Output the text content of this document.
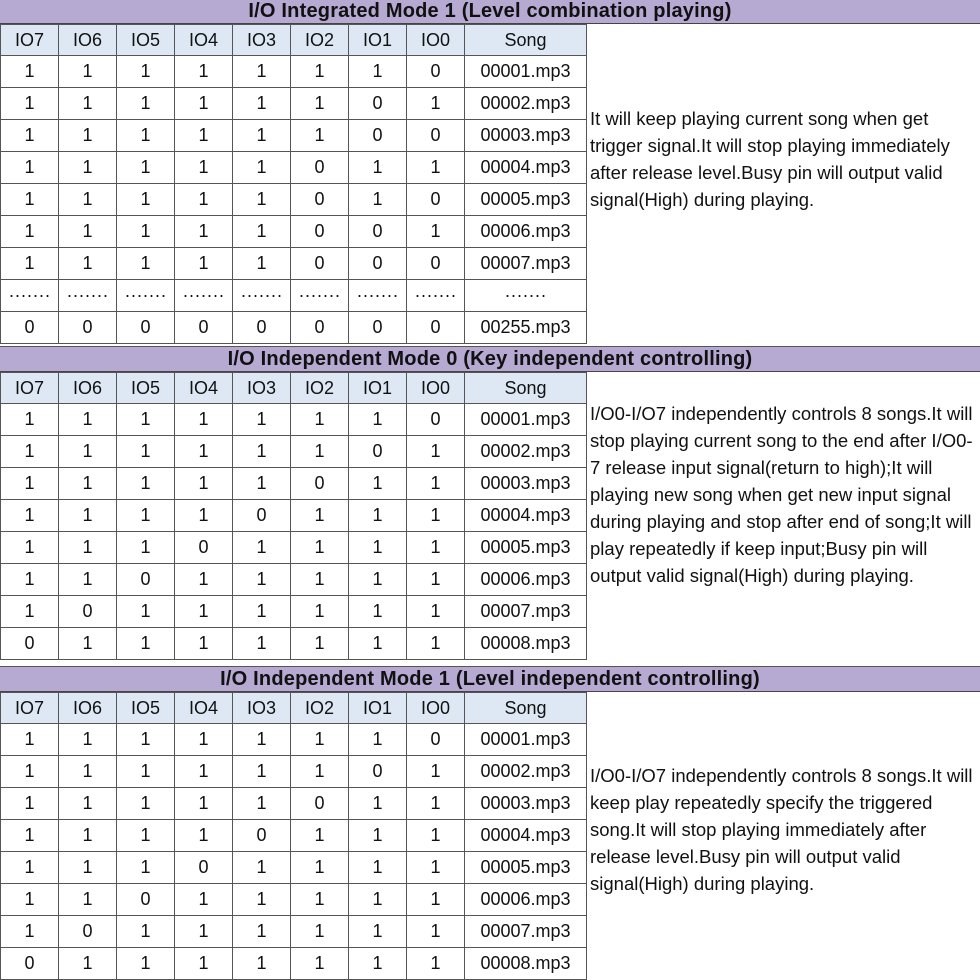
I/O Integrated Mode 1 (Level combination playing)
IO7	IO6	IO5	IO4	IO3	IO2	IO1	IO0	Song
1	1	1	1	1	1	1	0	00001.mp3
1	1	1	1	1	1	0	1	00002.mp3
1	1	1	1	1	1	0	0	00003.mp3
1	1	1	1	1	0	1	1	00004.mp3
1	1	1	1	1	0	1	0	00005.mp3
1	1	1	1	1	0	0	1	00006.mp3
1	1	1	1	1	0	0	0	00007.mp3
·······	·······	·······	·······	·······	·······	·······	·······	·······
0	0	0	0	0	0	0	0	00255.mp3
It will keep playing current song when get trigger signal.It will stop playing immediately after release level.Busy pin will output valid signal(High) during playing.
I/O Independent Mode 0 (Key independent controlling)
IO7	IO6	IO5	IO4	IO3	IO2	IO1	IO0	Song
1	1	1	1	1	1	1	0	00001.mp3
1	1	1	1	1	1	0	1	00002.mp3
1	1	1	1	1	0	1	1	00003.mp3
1	1	1	1	0	1	1	1	00004.mp3
1	1	1	0	1	1	1	1	00005.mp3
1	1	0	1	1	1	1	1	00006.mp3
1	0	1	1	1	1	1	1	00007.mp3
0	1	1	1	1	1	1	1	00008.mp3
I/O0-I/O7 independently controls 8 songs.It will stop playing current song to the end after I/O0-7 release input signal(return to high);It will playing new song when get new input signal during playing and stop after end of song;It will play repeatedly if keep input;Busy pin will output valid signal(High) during playing.
I/O Independent Mode 1 (Level independent controlling)
IO7	IO6	IO5	IO4	IO3	IO2	IO1	IO0	Song
1	1	1	1	1	1	1	0	00001.mp3
1	1	1	1	1	1	0	1	00002.mp3
1	1	1	1	1	0	1	1	00003.mp3
1	1	1	1	0	1	1	1	00004.mp3
1	1	1	0	1	1	1	1	00005.mp3
1	1	0	1	1	1	1	1	00006.mp3
1	0	1	1	1	1	1	1	00007.mp3
0	1	1	1	1	1	1	1	00008.mp3
I/O0-I/O7 independently controls 8 songs.It will keep play repeatedly specify the triggered song.It will stop playing immediately after release level.Busy pin will output valid signal(High) during playing.
